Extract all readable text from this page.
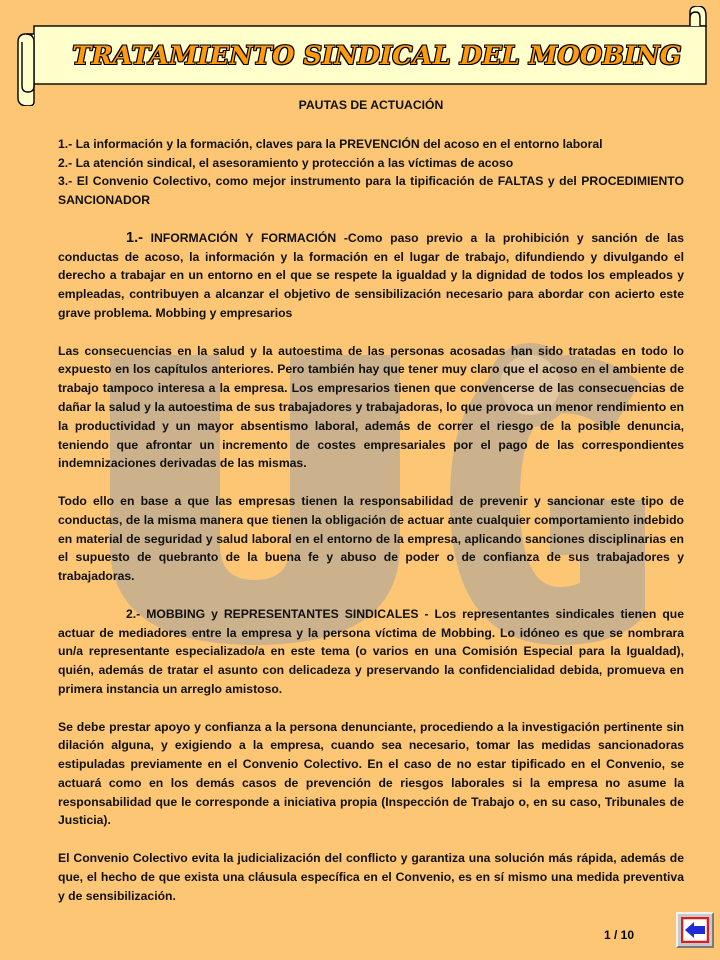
TRATAMIENTO SINDICAL DEL MOOBING

PAUTAS DE ACTUACIÓN

1.- La información y la formación, claves para la PREVENCIÓN del acoso en el entorno laboral

2.- La atención sindical, el asesoramiento y protección a las víctimas de acoso

3.- El Convenio Colectivo, como mejor instrumento para la tipificación de FALTAS y del PROCEDIMIENTO SANCIONADOR

1.- INFORMACIÓN Y FORMACIÓN -Como paso previo a la prohibición y sanción de las conductas de acoso, la información y la formación en el lugar de trabajo, difundiendo y divulgando el derecho a trabajar en un entorno en el que se respete la igualdad y la dignidad de todos los empleados y empleadas, contribuyen a alcanzar el objetivo de sensibilización necesario para abordar con acierto este grave problema. Mobbing y empresarios

Las consecuencias en la salud y la autoestima de las personas acosadas han sido tratadas en todo lo expuesto en los capítulos anteriores. Pero también hay que tener muy claro que el acoso en el ambiente de trabajo tampoco interesa a la empresa. Los empresarios tienen que convencerse de las consecuencias de dañar la salud y la autoestima de sus trabajadores y trabajadoras, lo que provoca un menor rendimiento en la productividad y un mayor absentismo laboral, además de correr el riesgo de la posible denuncia, teniendo que afrontar un incremento de costes empresariales por el pago de las correspondientes indemnizaciones derivadas de las mismas.

Todo ello en base a que las empresas tienen la responsabilidad de prevenir y sancionar este tipo de conductas, de la misma manera que tienen la obligación de actuar ante cualquier comportamiento indebido en material de seguridad y salud laboral en el entorno de la empresa, aplicando sanciones disciplinarias en el supuesto de quebranto de la buena fe y abuso de poder o de confianza de sus trabajadores y trabajadoras.

2.- MOBBING y REPRESENTANTES SINDICALES - Los representantes sindicales tienen que actuar de mediadores entre la empresa y la persona víctima de Mobbing. Lo idóneo es que se nombrara un/a representante especializado/a en este tema (o varios en una Comisión Especial para la Igualdad), quién, además de tratar el asunto con delicadeza y preservando la confidencialidad debida, promueva en primera instancia un arreglo amistoso.

Se debe prestar apoyo y confianza a la persona denunciante, procediendo a la investigación pertinente sin dilación alguna, y exigiendo a la empresa, cuando sea necesario, tomar las medidas sancionadoras estipuladas previamente en el Convenio Colectivo. En el caso de no estar tipificado en el Convenio, se actuará como en los demás casos de prevención de riesgos laborales si la empresa no asume la responsabilidad que le corresponde a iniciativa propia (Inspección de Trabajo o, en su caso, Tribunales de Justicia).

El Convenio Colectivo evita la judicialización del conflicto y garantiza una solución más rápida, además de que, el hecho de que exista una cláusula específica en el Convenio, es en sí mismo una medida preventiva y de sensibilización.

1 / 10
